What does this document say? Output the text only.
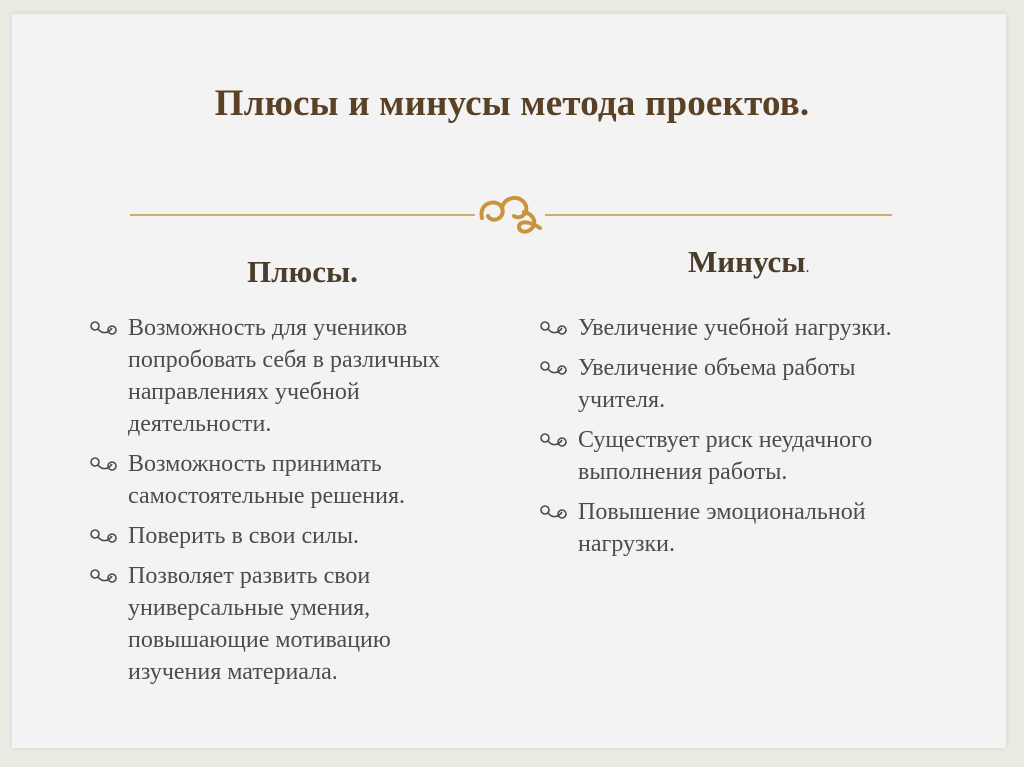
Плюсы и минусы метода проектов.
Плюсы.
Возможность для учеников попробовать себя в различных направлениях учебной деятельности.
Возможность принимать самостоятельные решения.
Поверить в свои силы.
Позволяет развить свои универсальные умения, повышающие мотивацию изучения материала.
Минусы.
Увеличение учебной нагрузки.
Увеличение объема работы учителя.
Существует риск неудачного выполнения работы.
Повышение эмоциональной нагрузки.
